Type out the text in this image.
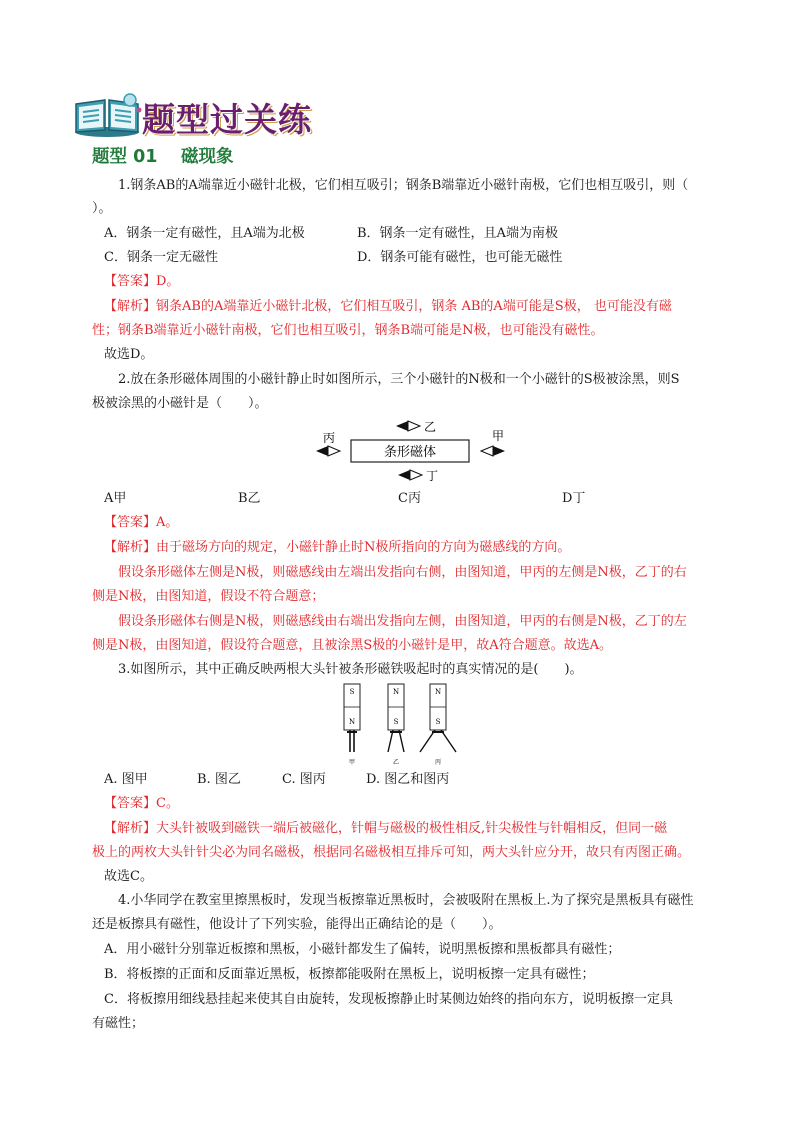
题型过关练
题型 01　 磁现象
1.钢条AB的A端靠近小磁针北极，它们相互吸引；钢条B端靠近小磁针南极，它们也相互吸引，则（
）。
A．钢条一定有磁性，且A端为北极	B．钢条一定有磁性，且A端为南极
C．钢条一定无磁性	D．钢条可能有磁性，也可能无磁性
【答案】D。
【解析】钢条AB的A端靠近小磁针北极，它们相互吸引，钢条 AB的A端可能是S极， 也可能没有磁
性；钢条B端靠近小磁针南极，它们也相互吸引，钢条B端可能是N极，也可能没有磁性。
故选D。
2.放在条形磁体周围的小磁针静止时如图所示，三个小磁针的N极和一个小磁针的S极被涂黑，则S
极被涂黑的小磁针是（　　）。
条形磁体
乙
丙	甲
丁
A甲	B乙	C丙	D丁
【答案】A。
【解析】由于磁场方向的规定，小磁针静止时N极所指向的方向为磁感线的方向。
假设条形磁体左侧是N极，则磁感线由左端出发指向右侧，由图知道，甲丙的左侧是N极，乙丁的右
侧是N极，由图知道，假设不符合题意；
假设条形磁体右侧是N极，则磁感线由右端出发指向左侧，由图知道，甲丙的右侧是N极，乙丁的左
侧是N极，由图知道，假设符合题意，且被涂黑S极的小磁针是甲，故A符合题意。故选A。
3.如图所示，其中正确反映两根大头针被条形磁铁吸起时的真实情况的是(　　)。
S
N
甲
N
S
乙
N
S
丙
A. 图甲	B. 图乙	C. 图丙	D. 图乙和图丙
【答案】C。
【解析】大头针被吸到磁铁一端后被磁化，针帽与磁极的极性相反,针尖极性与针帽相反，但同一磁
极上的两枚大头针针尖必为同名磁极，根据同名磁极相互排斥可知，两大头针应分开，故只有丙图正确。
故选C。
4.小华同学在教室里擦黑板时，发现当板擦靠近黑板时，会被吸附在黑板上.为了探究是黑板具有磁性
还是板擦具有磁性，他设计了下列实验，能得出正确结论的是（　　）。
A．用小磁针分别靠近板擦和黑板，小磁针都发生了偏转，说明黑板擦和黑板都具有磁性；
B．将板擦的正面和反面靠近黑板，板擦都能吸附在黑板上，说明板擦一定具有磁性；
C．将板擦用细线悬挂起来使其自由旋转，发现板擦静止时某侧边始终的指向东方，说明板擦一定具
有磁性；
